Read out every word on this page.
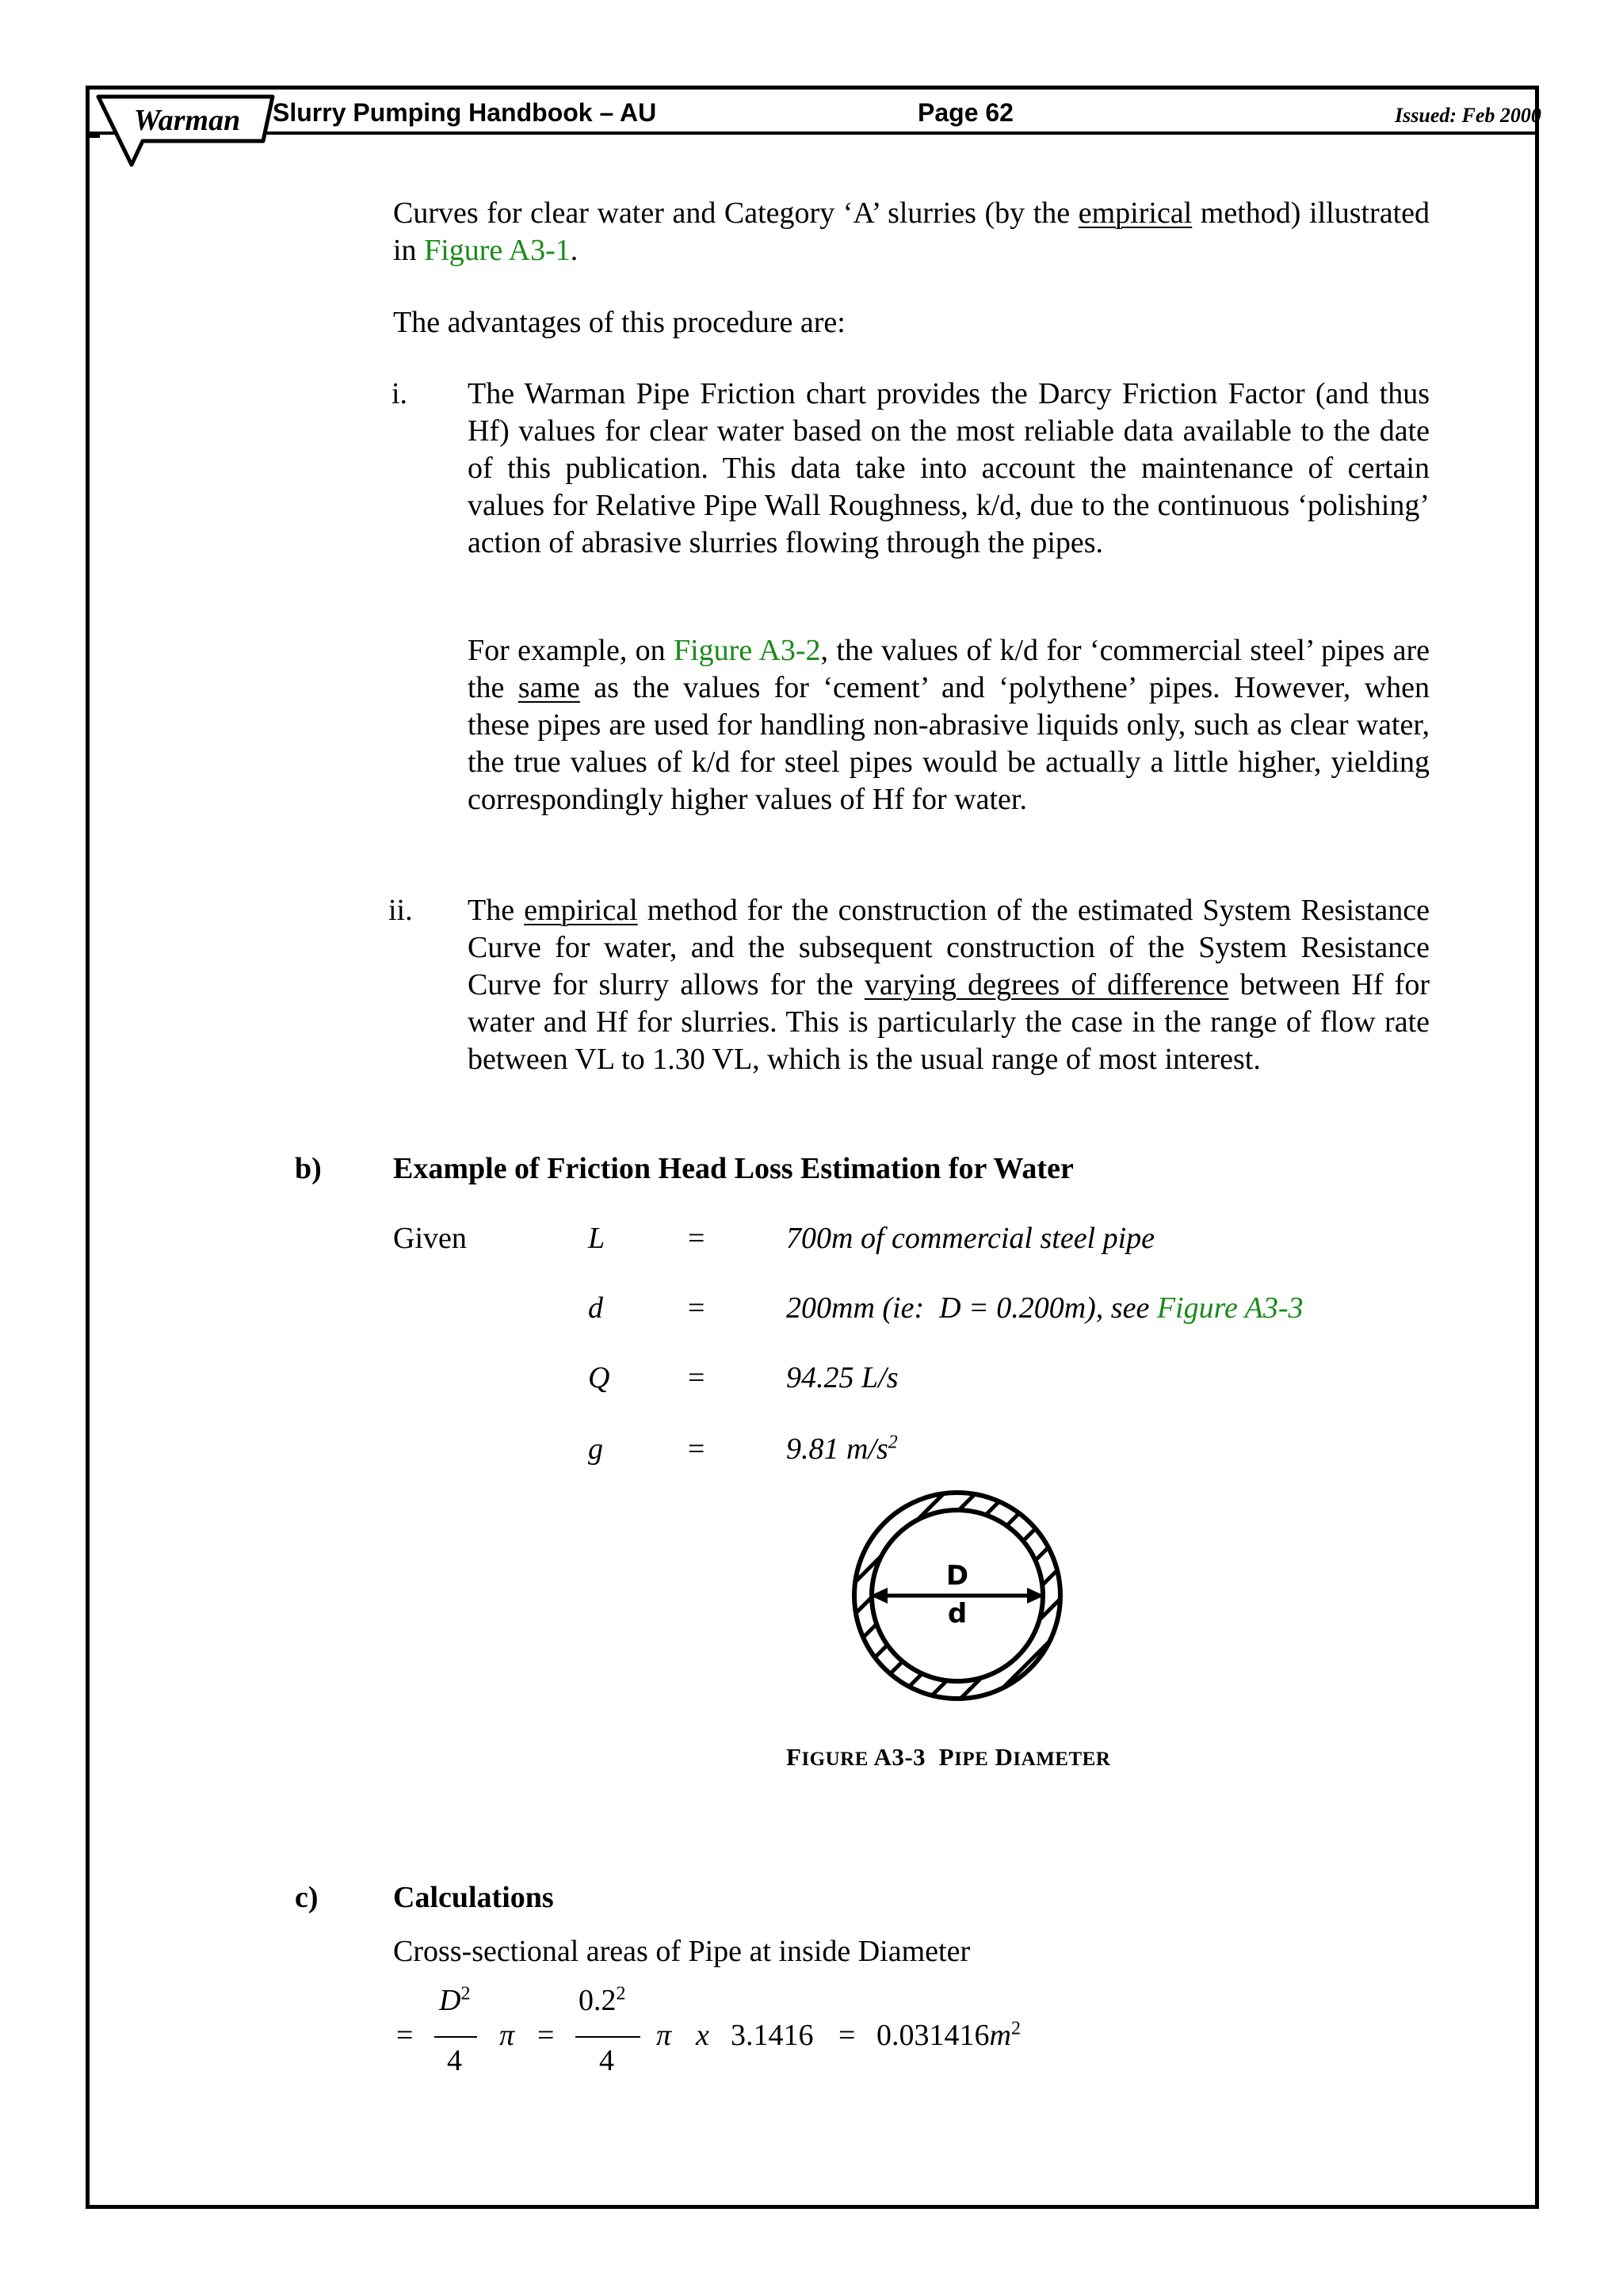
Warman Slurry Pumping Handbook – AU	Page 62	Issued: Feb 2000
Curves for clear water and Category ‘A’ slurries (by the empirical method) illustrated in Figure A3-1.
The advantages of this procedure are:
i. The Warman Pipe Friction chart provides the Darcy Friction Factor (and thus Hf) values for clear water based on the most reliable data available to the date of this publication. This data take into account the maintenance of certain values for Relative Pipe Wall Roughness, k/d, due to the continuous ‘polishing’ action of abrasive slurries flowing through the pipes.
For example, on Figure A3-2, the values of k/d for ‘commercial steel’ pipes are the same as the values for ‘cement’ and ‘polythene’ pipes. However, when these pipes are used for handling non-abrasive liquids only, such as clear water, the true values of k/d for steel pipes would be actually a little higher, yielding correspondingly higher values of Hf for water.
ii. The empirical method for the construction of the estimated System Resistance Curve for water, and the subsequent construction of the System Resistance Curve for slurry allows for the varying degrees of difference between Hf for water and Hf for slurries. This is particularly the case in the range of flow rate between VL to 1.30 VL, which is the usual range of most interest.
b) Example of Friction Head Loss Estimation for Water
Given	L	=	700m of commercial steel pipe
d	=	200mm (ie:  D = 0.200m), see Figure A3-3
Q	=	94.25 L/s
g	=	9.81 $m/s^2$
D
d
FIGURE A3-3  PIPE DIAMETER
c) Calculations
Cross-sectional areas of Pipe at inside Diameter
=
$D^2$
4
π =
$0.2^2$
4
π x $3.1416 = 0.031416m^2$
